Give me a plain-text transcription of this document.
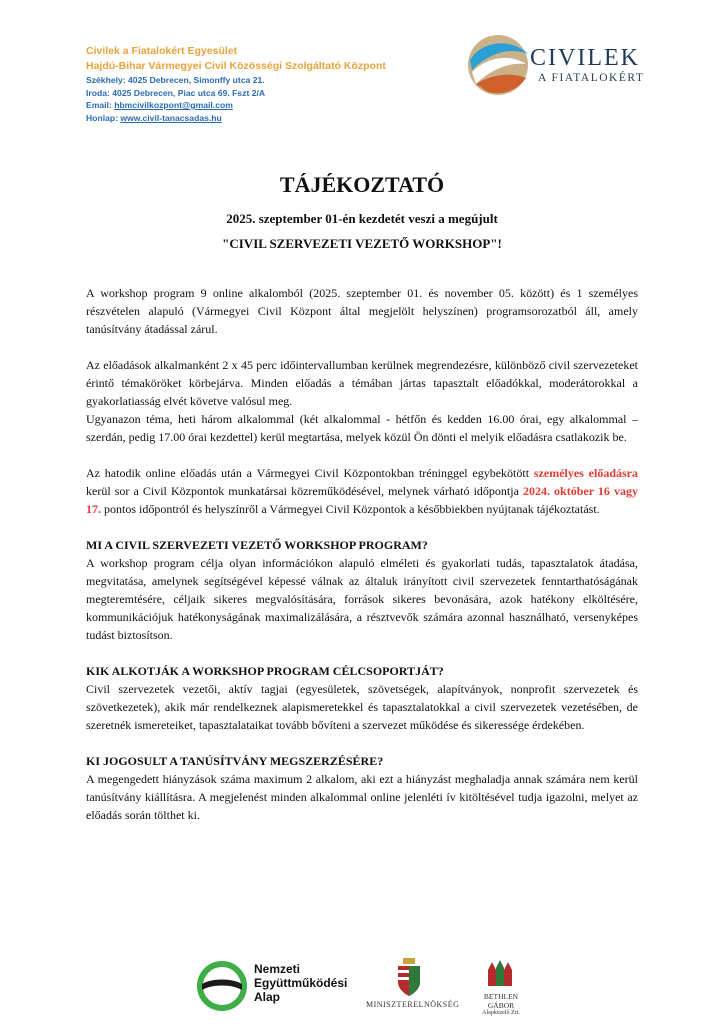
Civilek a Fiatalokért Egyesület
Hajdú-Bihar Vármegyei Civil Közösségi Szolgáltató Központ
Székhely: 4025 Debrecen, Simonffy utca 21.
Iroda: 4025 Debrecen, Piac utca 69. Fszt 2/A
Email: hbmcivilkozpont@gmail.com
Honlap: www.civil-tanacsadas.hu
CIVILEK
A FIATALOKÉRT
TÁJÉKOZTATÓ
2025. szeptember 01-én kezdetét veszi a megújult
"CIVIL SZERVEZETI VEZETŐ WORKSHOP"!

A workshop program 9 online alkalomból (2025. szeptember 01. és november 05. között) és 1 személyes részvételen alapuló (Vármegyei Civil Központ által megjelölt helyszínen) programsorozatból áll, amely tanúsítvány átadással zárul.

Az előadások alkalmanként 2 x 45 perc időintervallumban kerülnek megrendezésre, különböző civil szervezeteket érintő témaköröket körbejárva. Minden előadás a témában jártas tapasztalt előadókkal, moderátorokkal a gyakorlatiasság elvét követve valósul meg.

Ugyanazon téma, heti három alkalommal (két alkalommal - hétfőn és kedden 16.00 órai, egy alkalommal – szerdán, pedig 17.00 órai kezdettel) kerül megtartása, melyek közül Ön dönti el melyik előadásra csatlakozik be.

Az hatodik online előadás után a Vármegyei Civil Központokban tréninggel egybekötött személyes előadásra kerül sor a Civil Központok munkatársai közreműködésével, melynek várható időpontja 2024. október 16 vagy 17. pontos időpontról és helyszínről a Vármegyei Civil Központok a későbbiekben nyújtanak tájékoztatást.

MI A CIVIL SZERVEZETI VEZETŐ WORKSHOP PROGRAM?

A workshop program célja olyan információkon alapuló elméleti és gyakorlati tudás, tapasztalatok átadása, megvitatása, amelynek segítségével képessé válnak az általuk irányított civil szervezetek fenntarthatóságának megteremtésére, céljaik sikeres megvalósítására, források sikeres bevonására, azok hatékony elköltésére, kommunikációjuk hatékonyságának maximalizálására, a résztvevők számára azonnal használható, versenyképes tudást biztosítson.

KIK ALKOTJÁK A WORKSHOP PROGRAM CÉLCSOPORTJÁT?

Civil szervezetek vezetői, aktív tagjai (egyesületek, szövetségek, alapítványok, nonprofit szervezetek és szövetkezetek), akik már rendelkeznek alapismeretekkel és tapasztalatokkal a civil szervezetek vezetésében, de szeretnék ismereteiket, tapasztalataikat tovább bővíteni a szervezet működése és sikeressége érdekében.

KI JOGOSULT A TANÚSÍTVÁNY MEGSZERZÉSÉRE?

A megengedett hiányzások száma maximum 2 alkalom, aki ezt a hiányzást meghaladja annak számára nem kerül tanúsítvány kiállításra. A megjelenést minden alkalommal online jelenléti ív kitöltésével tudja igazolni, melyet az előadás során tölthet ki.

Nemzeti
Együttműködési
Alap
MINISZTERELNÖKSÉG
BETHLEN GÁBOR
Alapkezelő Zrt.
